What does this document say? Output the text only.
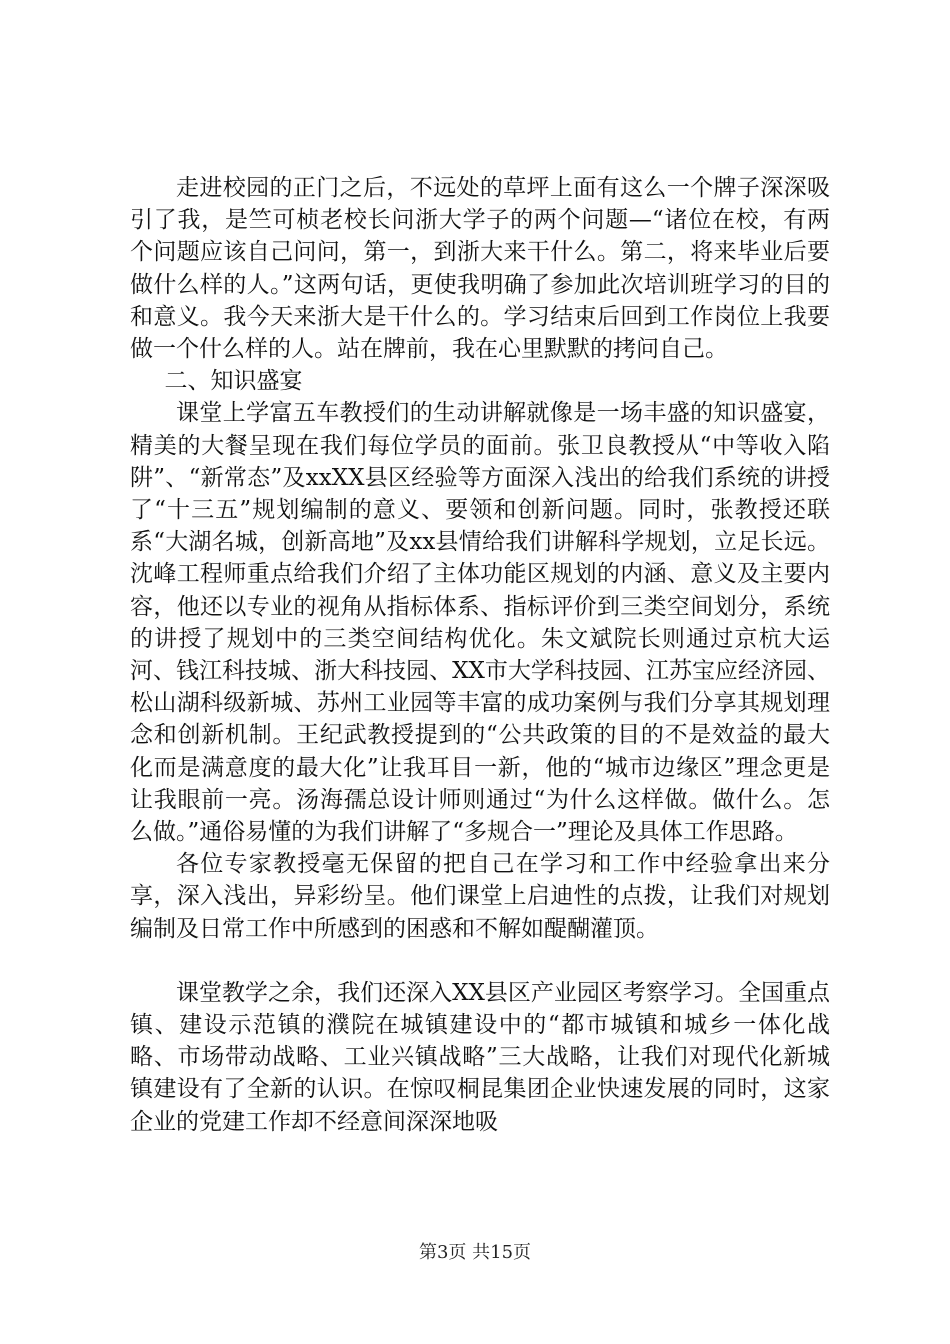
走进校园的正门之后，不远处的草坪上面有这么一个牌子深深吸引了我，是竺可桢老校长问浙大学子的两个问题—“诸位在校，有两个问题应该自己问问，第一，到浙大来干什么。第二，将来毕业后要做什么样的人。”这两句话，更使我明确了参加此次培训班学习的目的和意义。我今天来浙大是干什么的。学习结束后回到工作岗位上我要做一个什么样的人。站在牌前，我在心里默默的拷问自己。

二、知识盛宴

课堂上学富五车教授们的生动讲解就像是一场丰盛的知识盛宴，精美的大餐呈现在我们每位学员的面前。张卫良教授从“中等收入陷阱”、“新常态”及xxXX县区经验等方面深入浅出的给我们系统的讲授了“十三五”规划编制的意义、要领和创新问题。同时，张教授还联系“大湖名城，创新高地”及xx县情给我们讲解科学规划，立足长远。沈峰工程师重点给我们介绍了主体功能区规划的内涵、意义及主要内容，他还以专业的视角从指标体系、指标评价到三类空间划分，系统的讲授了规划中的三类空间结构优化。朱文斌院长则通过京杭大运河、钱江科技城、浙大科技园、XX市大学科技园、江苏宝应经济园、松山湖科级新城、苏州工业园等丰富的成功案例与我们分享其规划理念和创新机制。王纪武教授提到的“公共政策的目的不是效益的最大化而是满意度的最大化”让我耳目一新，他的“城市边缘区”理念更是让我眼前一亮。汤海孺总设计师则通过“为什么这样做。做什么。怎么做。”通俗易懂的为我们讲解了“多规合一”理论及具体工作思路。

各位专家教授毫无保留的把自己在学习和工作中经验拿出来分享，深入浅出，异彩纷呈。他们课堂上启迪性的点拨，让我们对规划编制及日常工作中所感到的困惑和不解如醍醐灌顶。

课堂教学之余，我们还深入XX县区产业园区考察学习。全国重点镇、建设示范镇的濮院在城镇建设中的“都市城镇和城乡一体化战略、市场带动战略、工业兴镇战略”三大战略，让我们对现代化新城镇建设有了全新的认识。在惊叹桐昆集团企业快速发展的同时，这家企业的党建工作却不经意间深深地吸

第3页 共15页
